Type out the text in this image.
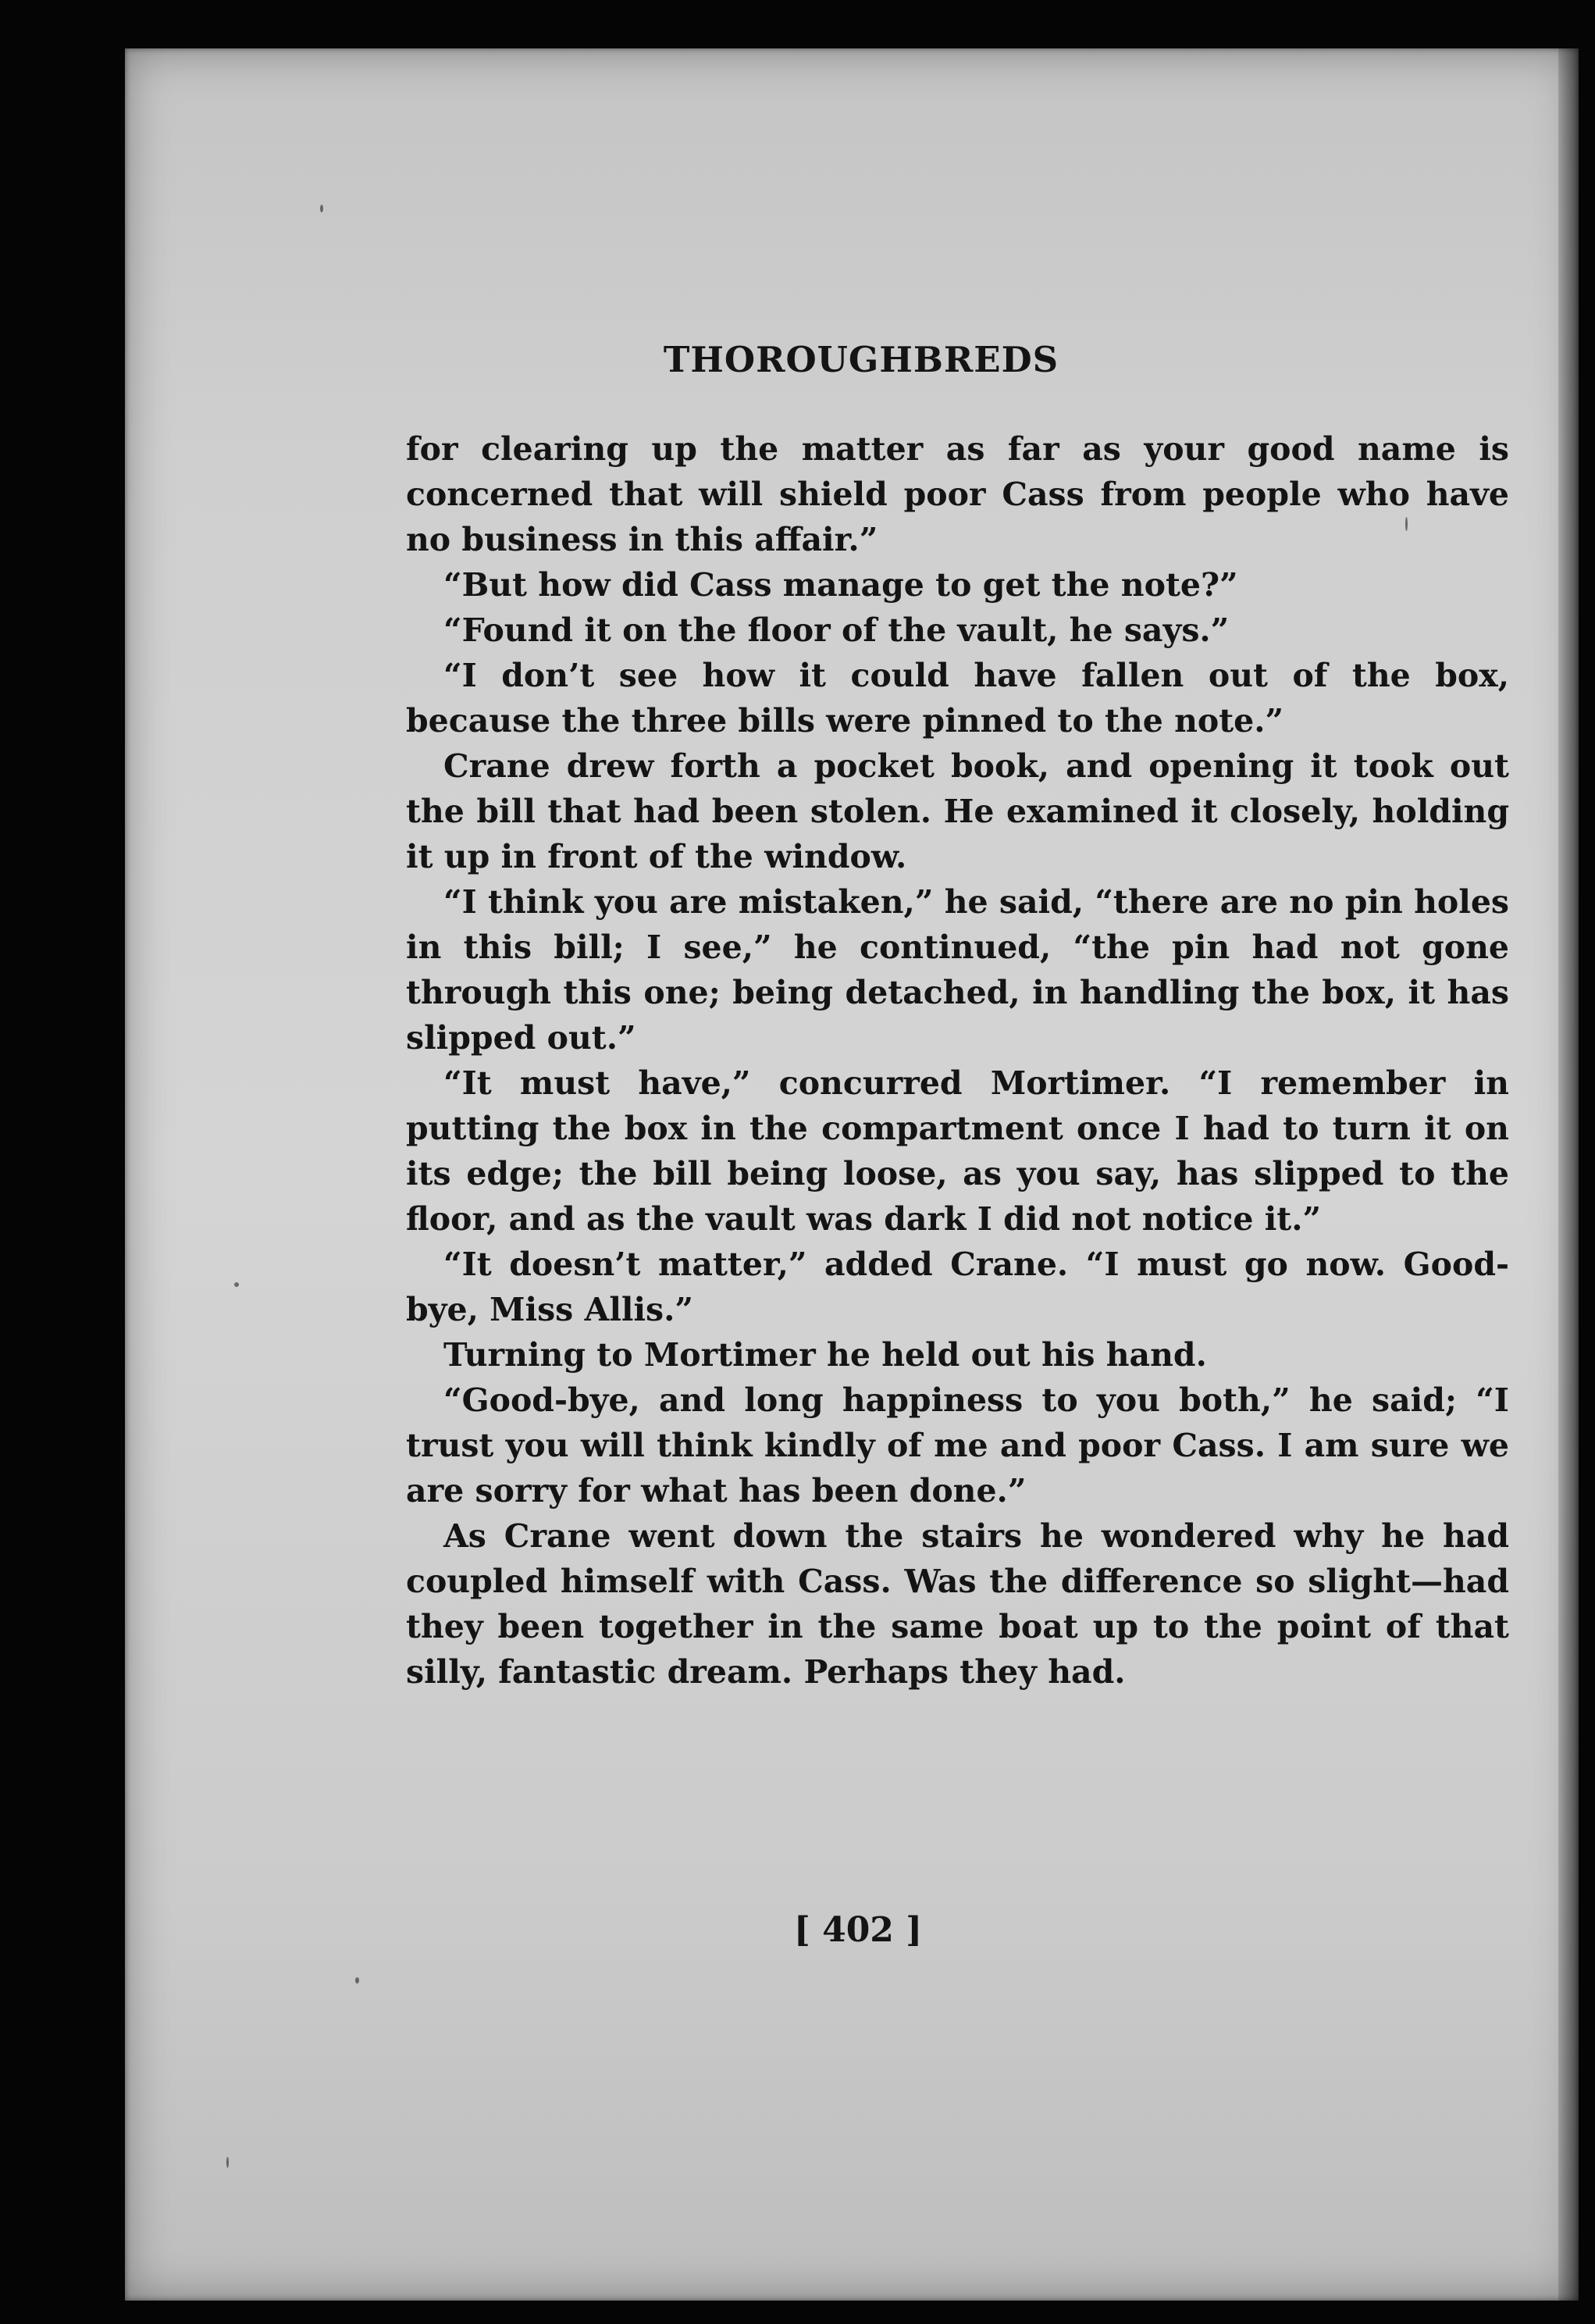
THOROUGHBREDS

for clearing up the matter as far as your good name is concerned that will shield poor Cass from people who have no business in this affair.”

“But how did Cass manage to get the note?”

“Found it on the floor of the vault, he says.”

“I don’t see how it could have fallen out of the box, because the three bills were pinned to the note.”

Crane drew forth a pocket book, and opening it took out the bill that had been stolen. He examined it closely, holding it up in front of the window.

“I think you are mistaken,” he said, “there are no pin holes in this bill; I see,” he continued, “the pin had not gone through this one; being detached, in handling the box, it has slipped out.”

“It must have,” concurred Mortimer. “I remember in putting the box in the compartment once I had to turn it on its edge; the bill being loose, as you say, has slipped to the floor, and as the vault was dark I did not notice it.”

“It doesn’t matter,” added Crane. “I must go now. Good-bye, Miss Allis.”

Turning to Mortimer he held out his hand.

“Good-bye, and long happiness to you both,” he said; “I trust you will think kindly of me and poor Cass. I am sure we are sorry for what has been done.”

As Crane went down the stairs he wondered why he had coupled himself with Cass. Was the difference so slight—had they been together in the same boat up to the point of that silly, fantastic dream. Perhaps they had.

[ 402 ]
